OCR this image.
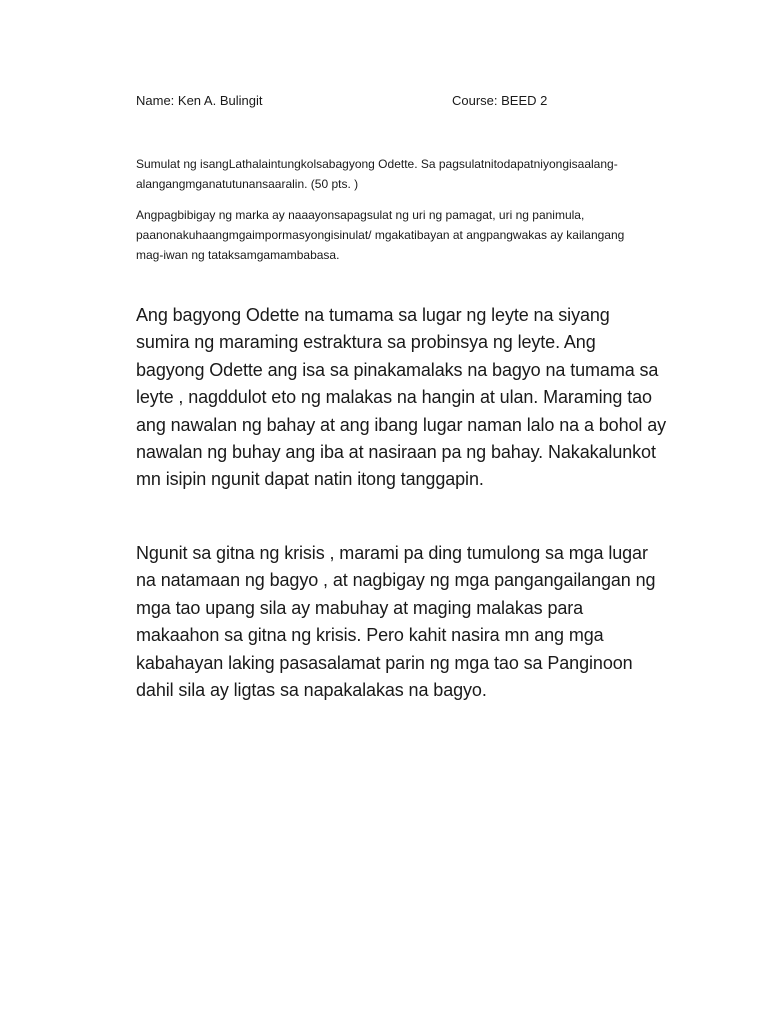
Name: Ken A. Bulingit	Course: BEED 2
Sumulat ng isangLathalaintungkolsabagyong Odette. Sa pagsulatnitodapatniyongisaalang-
alangangmganatutunansaaralin. (50 pts. )
Angpagbibigay ng marka ay naaayonsapagsulat ng uri ng pamagat, uri ng panimula,
paanonakuhaangmgaimpormasyongisinulat/ mgakatibayan at angpangwakas ay kailangang
mag-iwan ng tataksamgamambabasa.
Ang bagyong Odette na tumama sa lugar ng leyte na siyang
sumira ng maraming estraktura sa probinsya ng leyte. Ang
bagyong Odette ang isa sa pinakamalaks na bagyo na tumama sa
leyte , nagddulot eto ng malakas na hangin at ulan. Maraming tao
ang nawalan ng bahay at ang ibang lugar naman lalo na a bohol ay
nawalan ng buhay ang iba at nasiraan pa ng bahay. Nakakalunkot
mn isipin ngunit dapat natin itong tanggapin.
Ngunit sa gitna ng krisis , marami pa ding tumulong sa mga lugar
na natamaan ng bagyo , at nagbigay ng mga pangangailangan ng
mga tao upang sila ay mabuhay at maging malakas para
makaahon sa gitna ng krisis. Pero kahit nasira mn ang mga
kabahayan laking pasasalamat parin ng mga tao sa Panginoon
dahil sila ay ligtas sa napakalakas na bagyo.
